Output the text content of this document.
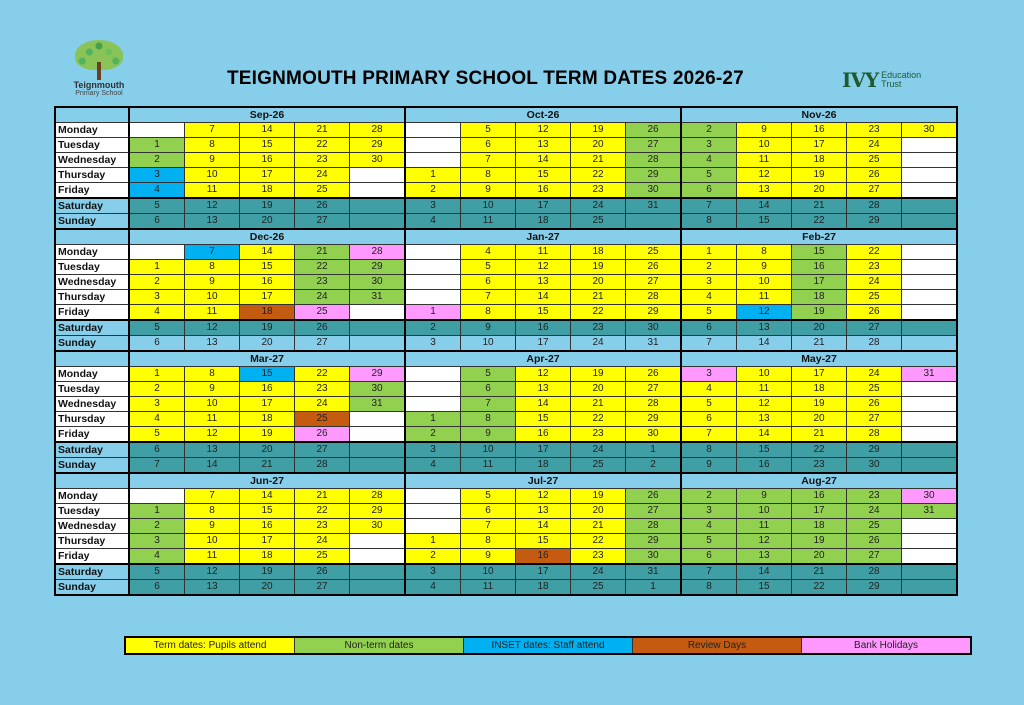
Teignmouth
Primary School
TEIGNMOUTH PRIMARY SCHOOL TERM DATES 2026-27	IVY Education
Trust
	Sep-26					Oct-26					Nov-26				
Monday		7	14	21	28		5	12	19	26	2	9	16	23	30
Tuesday	1	8	15	22	29		6	13	20	27	3	10	17	24	
Wednesday	2	9	16	23	30		7	14	21	28	4	11	18	25	
Thursday	3	10	17	24		1	8	15	22	29	5	12	19	26	
Friday	4	11	18	25		2	9	16	23	30	6	13	20	27	
Saturday	5	12	19	26		3	10	17	24	31	7	14	21	28	
Sunday	6	13	20	27		4	11	18	25		8	15	22	29	
	Dec-26					Jan-27					Feb-27				
Monday		7	14	21	28		4	11	18	25	1	8	15	22	
Tuesday	1	8	15	22	29		5	12	19	26	2	9	16	23	
Wednesday	2	9	16	23	30		6	13	20	27	3	10	17	24	
Thursday	3	10	17	24	31		7	14	21	28	4	11	18	25	
Friday	4	11	18	25		1	8	15	22	29	5	12	19	26	
Saturday	5	12	19	26		2	9	16	23	30	6	13	20	27	
Sunday	6	13	20	27		3	10	17	24	31	7	14	21	28	
	Mar-27					Apr-27					May-27				
Monday	1	8	15	22	29		5	12	19	26	3	10	17	24	31
Tuesday	2	9	16	23	30		6	13	20	27	4	11	18	25	
Wednesday	3	10	17	24	31		7	14	21	28	5	12	19	26	
Thursday	4	11	18	25		1	8	15	22	29	6	13	20	27	
Friday	5	12	19	26		2	9	16	23	30	7	14	21	28	
Saturday	6	13	20	27		3	10	17	24	1	8	15	22	29	
Sunday	7	14	21	28		4	11	18	25	2	9	16	23	30	
	Jun-27					Jul-27					Aug-27				
Monday		7	14	21	28		5	12	19	26	2	9	16	23	30
Tuesday	1	8	15	22	29		6	13	20	27	3	10	17	24	31
Wednesday	2	9	16	23	30		7	14	21	28	4	11	18	25	
Thursday	3	10	17	24		1	8	15	22	29	5	12	19	26	
Friday	4	11	18	25		2	9	16	23	30	6	13	20	27	
Saturday	5	12	19	26		3	10	17	24	31	7	14	21	28	
Sunday	6	13	20	27		4	11	18	25	1	8	15	22	29	
Term dates: Pupils attend	Non-term dates	INSET dates: Staff attend	Review Days	Bank Holidays
